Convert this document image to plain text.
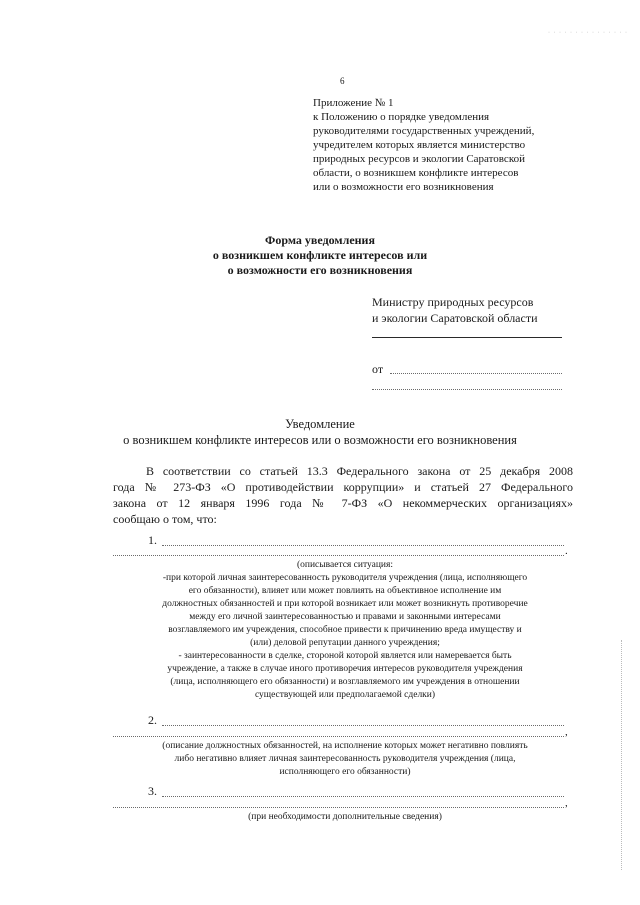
· · · · · · · · · · · · · · ·
6
Приложение № 1
к Положению о порядке уведомления
руководителями государственных учреждений,
учредителем которых является министерство
природных ресурсов и экологии Саратовской
области, о возникшем конфликте интересов
или о возможности его возникновения
Форма уведомления
о возникшем конфликте интересов или
о возможности его возникновения
Министру природных ресурсов
и экологии Саратовской области
от
Уведомление
о возникшем конфликте интересов или о возможности его возникновения
В соответствии со статьей 13.3 Федерального закона от 25 декабря 2008
года № 273-ФЗ «О противодействии коррупции» и статьей 27 Федерального
закона от 12 января 1996 года № 7-ФЗ «О некоммерческих организациях»
сообщаю о том, что:
1.
.
(описывается ситуация:
-при которой личная заинтересованность руководителя учреждения (лица, исполняющего
его обязанности), влияет или может повлиять на объективное исполнение им
должностных обязанностей и при которой возникает или может возникнуть противоречие
между его личной заинтересованностью и правами и законными интересами
возглавляемого им учреждения, способное привести к причинению вреда имуществу и
(или) деловой репутации данного учреждения;
- заинтересованности в сделке, стороной которой является или намеревается быть
учреждение, а также в случае иного противоречия интересов руководителя учреждения
(лица, исполняющего его обязанности) и возглавляемого им учреждения в отношении
существующей или предполагаемой сделки)
2.
,
(описание должностных обязанностей, на исполнение которых может негативно повлиять
либо негативно влияет личная заинтересованность руководителя учреждения (лица,
исполняющего его обязанности)
3.
,
(при необходимости дополнительные сведения)
